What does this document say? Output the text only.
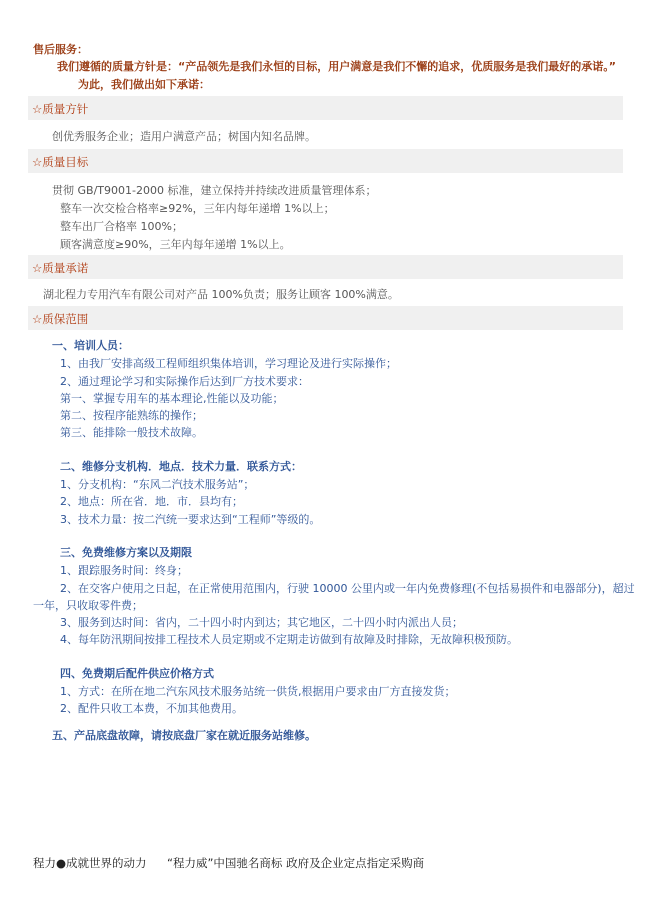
售后服务：
我们遵循的质量方针是：“产品领先是我们永恒的目标，用户满意是我们不懈的追求，优质服务是我们最好的承诺。”
为此，我们做出如下承诺：
☆质量方针
创优秀服务企业；造用户满意产品；树国内知名品牌。
☆质量目标
贯彻 GB/T9001-2000 标准，建立保持并持续改进质量管理体系；
整车一次交检合格率≥92%，三年内每年递增 1%以上；
整车出厂合格率 100%；
顾客满意度≥90%，三年内每年递增 1%以上。
☆质量承诺
湖北程力专用汽车有限公司对产品 100%负责；服务让顾客 100%满意。
☆质保范围
一、培训人员：
1、由我厂安排高级工程师组织集体培训，学习理论及进行实际操作；
2、通过理论学习和实际操作后达到厂方技术要求：
第一、掌握专用车的基本理论,性能以及功能；
第二、按程序能熟练的操作；
第三、能排除一般技术故障。
二、维修分支机构．地点．技术力量．联系方式：
1、分支机构：“东风二汽技术服务站”；
2、地点：所在省．地．市．县均有；
3、技术力量：按二汽统一要求达到“工程师”等级的。
三、免费维修方案以及期限
1、跟踪服务时间：终身；
2、在交客户使用之日起，在正常使用范围内，行驶 10000 公里内或一年内免费修理(不包括易损件和电器部分)，超过
一年，只收取零件费；
3、服务到达时间：省内，二十四小时内到达；其它地区，二十四小时内派出人员；
4、每年防汛期间按排工程技术人员定期或不定期走访做到有故障及时排除，无故障积极预防。
四、免费期后配件供应价格方式
1、方式：在所在地二汽东风技术服务站统一供货,根据用户要求由厂方直接发货；
2、配件只收工本费，不加其他费用。
五、产品底盘故障，请按底盘厂家在就近服务站维修。
程力●成就世界的动力 “程力威”中国驰名商标 政府及企业定点指定采购商
